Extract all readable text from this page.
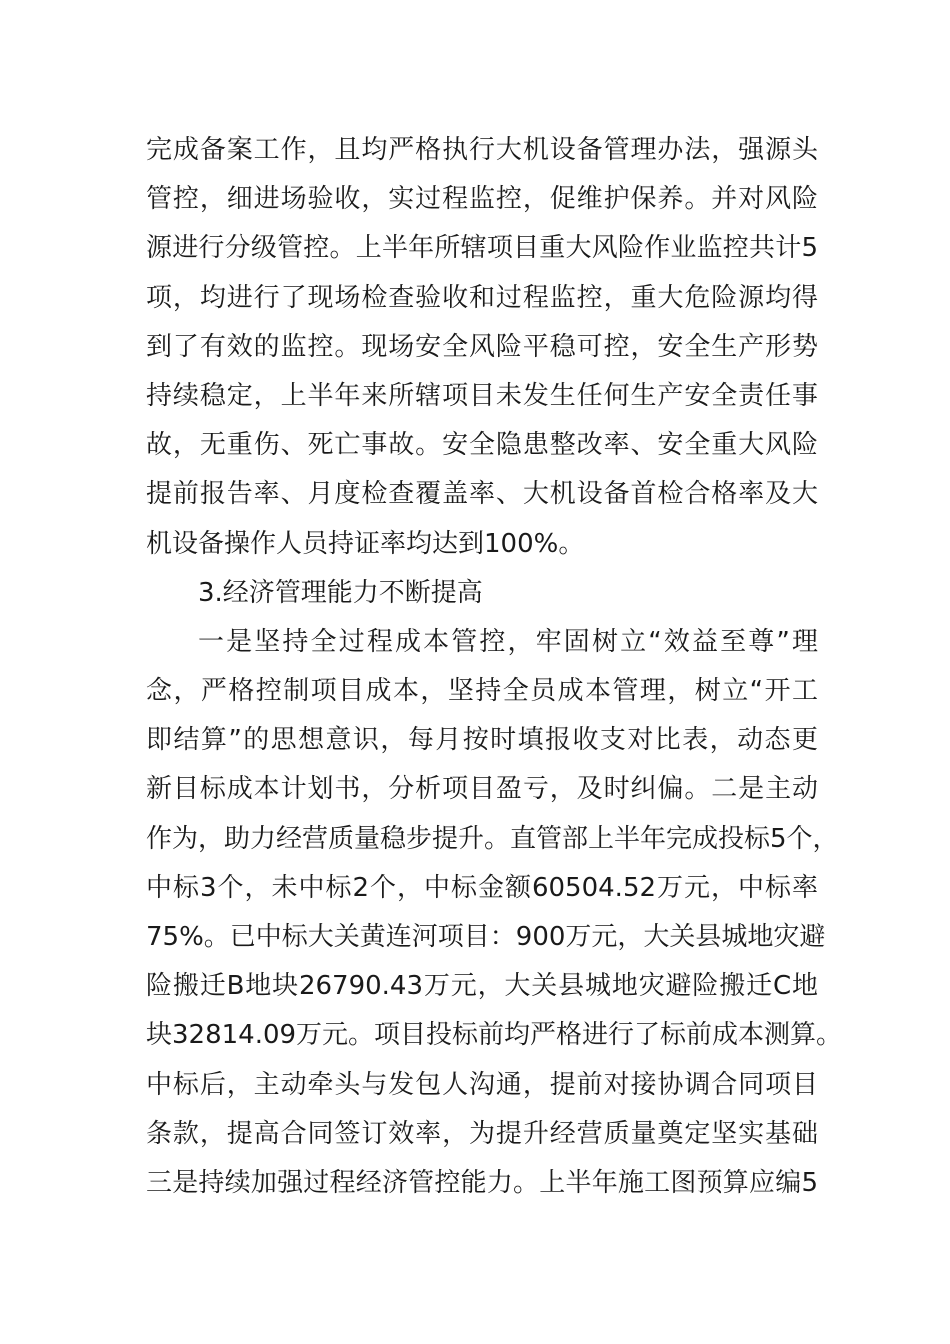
完成备案工作，且均严格执行大机设备管理办法，强源头
管控，细进场验收，实过程监控，促维护保养。并对风险
源进行分级管控。上半年所辖项目重大风险作业监控共计5
项，均进行了现场检查验收和过程监控，重大危险源均得
到了有效的监控。现场安全风险平稳可控，安全生产形势
持续稳定，上半年来所辖项目未发生任何生产安全责任事
故，无重伤、死亡事故。安全隐患整改率、安全重大风险
提前报告率、月度检查覆盖率、大机设备首检合格率及大
机设备操作人员持证率均达到100%。
3.经济管理能力不断提高
一是坚持全过程成本管控，牢固树立“效益至尊”理
念，严格控制项目成本，坚持全员成本管理，树立“开工
即结算”的思想意识，每月按时填报收支对比表，动态更
新目标成本计划书，分析项目盈亏，及时纠偏。二是主动
作为，助力经营质量稳步提升。直管部上半年完成投标5个，
中标3个，未中标2个，中标金额60504.52万元，中标率
75%。已中标大关黄连河项目：900万元，大关县城地灾避
险搬迁B地块26790.43万元，大关县城地灾避险搬迁C地
块32814.09万元。项目投标前均严格进行了标前成本测算。
中标后，主动牵头与发包人沟通，提前对接协调合同项目
条款，提高合同签订效率，为提升经营质量奠定坚实基础
三是持续加强过程经济管控能力。上半年施工图预算应编5
